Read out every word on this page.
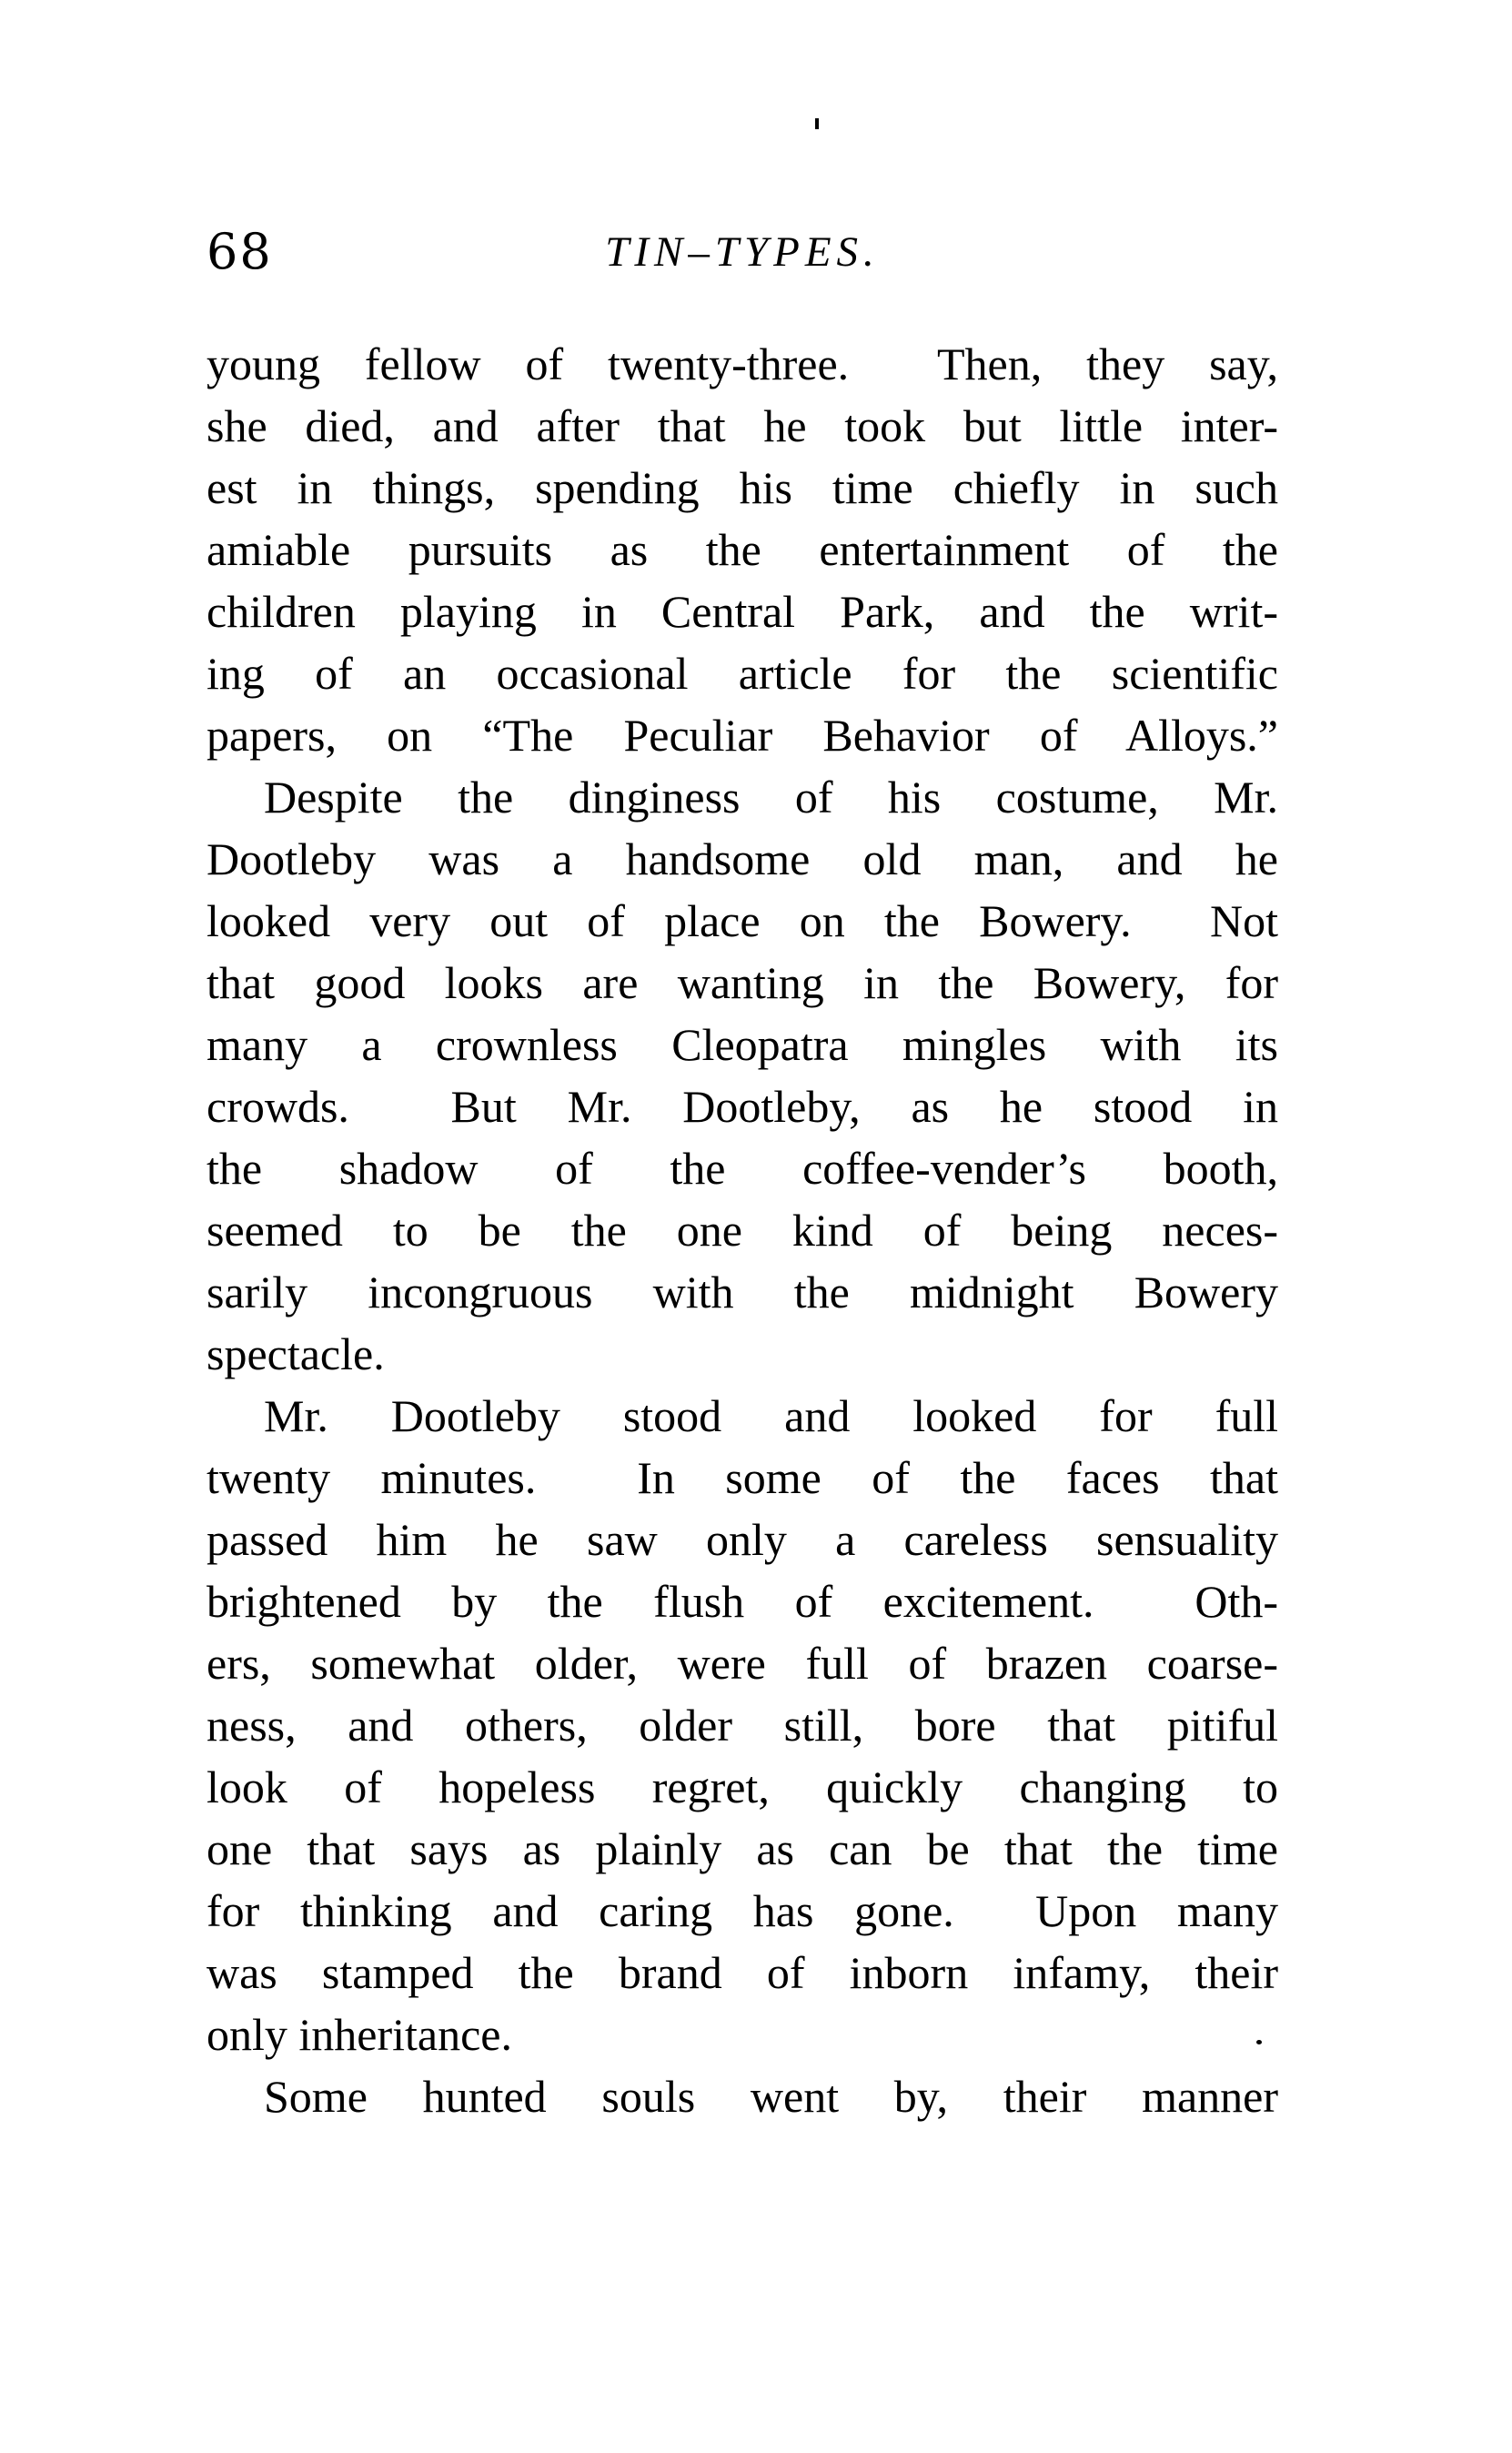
68	TIN–TYPES.
young fellow of twenty-three.  Then, they say,
she died, and after that he took but little inter-
est in things, spending his time chiefly in such
amiable pursuits as the entertainment of the
children playing in Central Park, and the writ-
ing of an occasional article for the scientific
papers, on “The Peculiar Behavior of Alloys.”
Despite the dinginess of his costume, Mr.
Dootleby was a handsome old man, and he
looked very out of place on the Bowery.  Not
that good looks are wanting in the Bowery, for
many a crownless Cleopatra mingles with its
crowds.  But Mr. Dootleby, as he stood in
the shadow of the coffee-vender’s booth,
seemed to be the one kind of being neces-
sarily incongruous with the midnight Bowery
spectacle.
Mr. Dootleby stood and looked for full
twenty minutes.  In some of the faces that
passed him he saw only a careless sensuality
brightened by the flush of excitement.  Oth-
ers, somewhat older, were full of brazen coarse-
ness, and others, older still, bore that pitiful
look of hopeless regret, quickly changing to
one that says as plainly as can be that the time
for thinking and caring has gone.  Upon many
was stamped the brand of inborn infamy, their
only inheritance.
Some hunted souls went by, their manner
